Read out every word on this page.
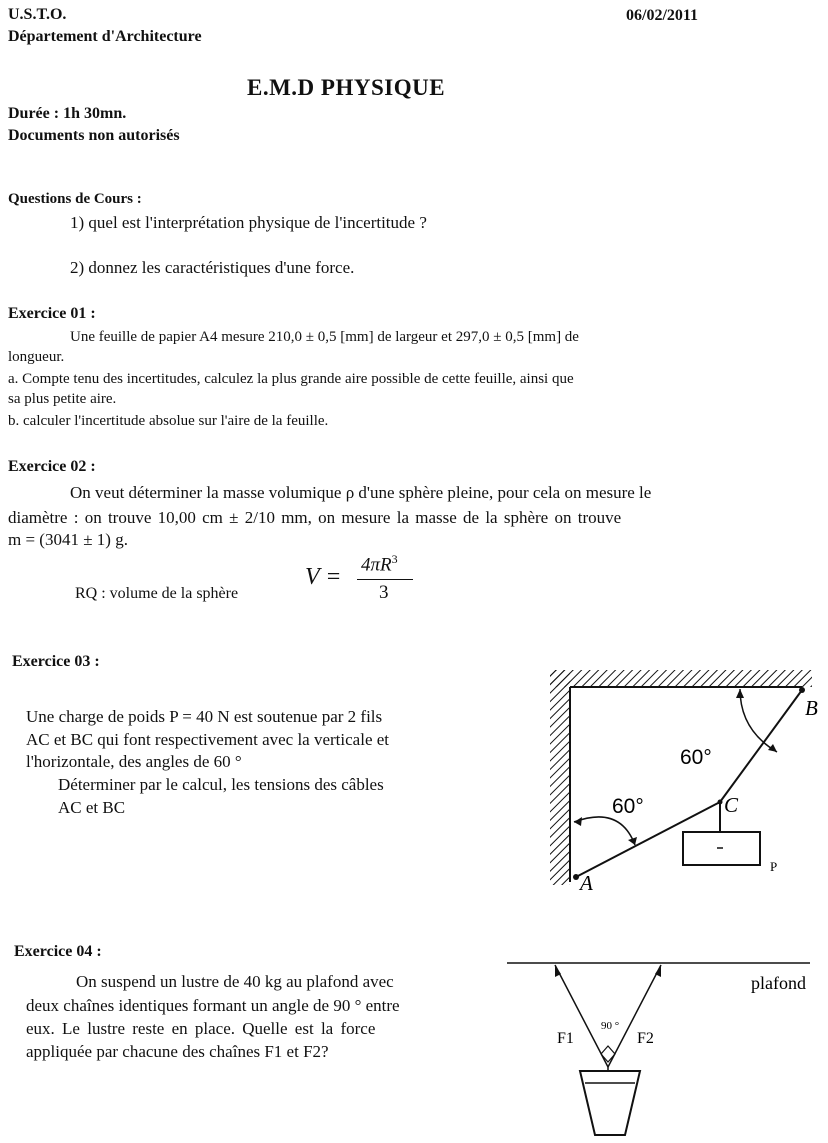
U.S.T.O.
Département d'Architecture
06/02/2011
E.M.D PHYSIQUE
Durée : 1h 30mn.
Documents non autorisés
Questions de Cours :
1) quel est l'interprétation physique de l'incertitude ?
2) donnez les caractéristiques d'une force.
Exercice 01 :
Une feuille de papier A4 mesure 210,0 ± 0,5 [mm] de largeur et 297,0 ± 0,5 [mm] de
longueur.
a. Compte tenu des incertitudes, calculez la plus grande aire possible de cette feuille, ainsi que
sa plus petite aire.
b. calculer l'incertitude absolue sur l'aire de la feuille.
Exercice 02 :
On veut déterminer la masse volumique ρ d'une sphère pleine, pour cela on mesure le
diamètre : on trouve 10,00 cm ± 2/10 mm, on mesure la masse de la sphère on trouve
m = (3041 ± 1) g.
RQ : volume de la sphère
$V = 4\pi R^3$
3
Exercice 03 :
Une charge de poids P = 40 N est soutenue par 2 fils
AC et BC qui font respectivement avec la verticale et
l'horizontale, des angles de 60 °
Déterminer par le calcul, les tensions des câbles
AC et BC
60°
60°
A
B
C
P
Exercice 04 :
On suspend un lustre de 40 kg au plafond avec
deux chaînes identiques formant un angle de 90 ° entre
eux. Le lustre reste en place. Quelle est la force
appliquée par chacune des chaînes F1 et F2?
plafond
F1	F2
90 °
